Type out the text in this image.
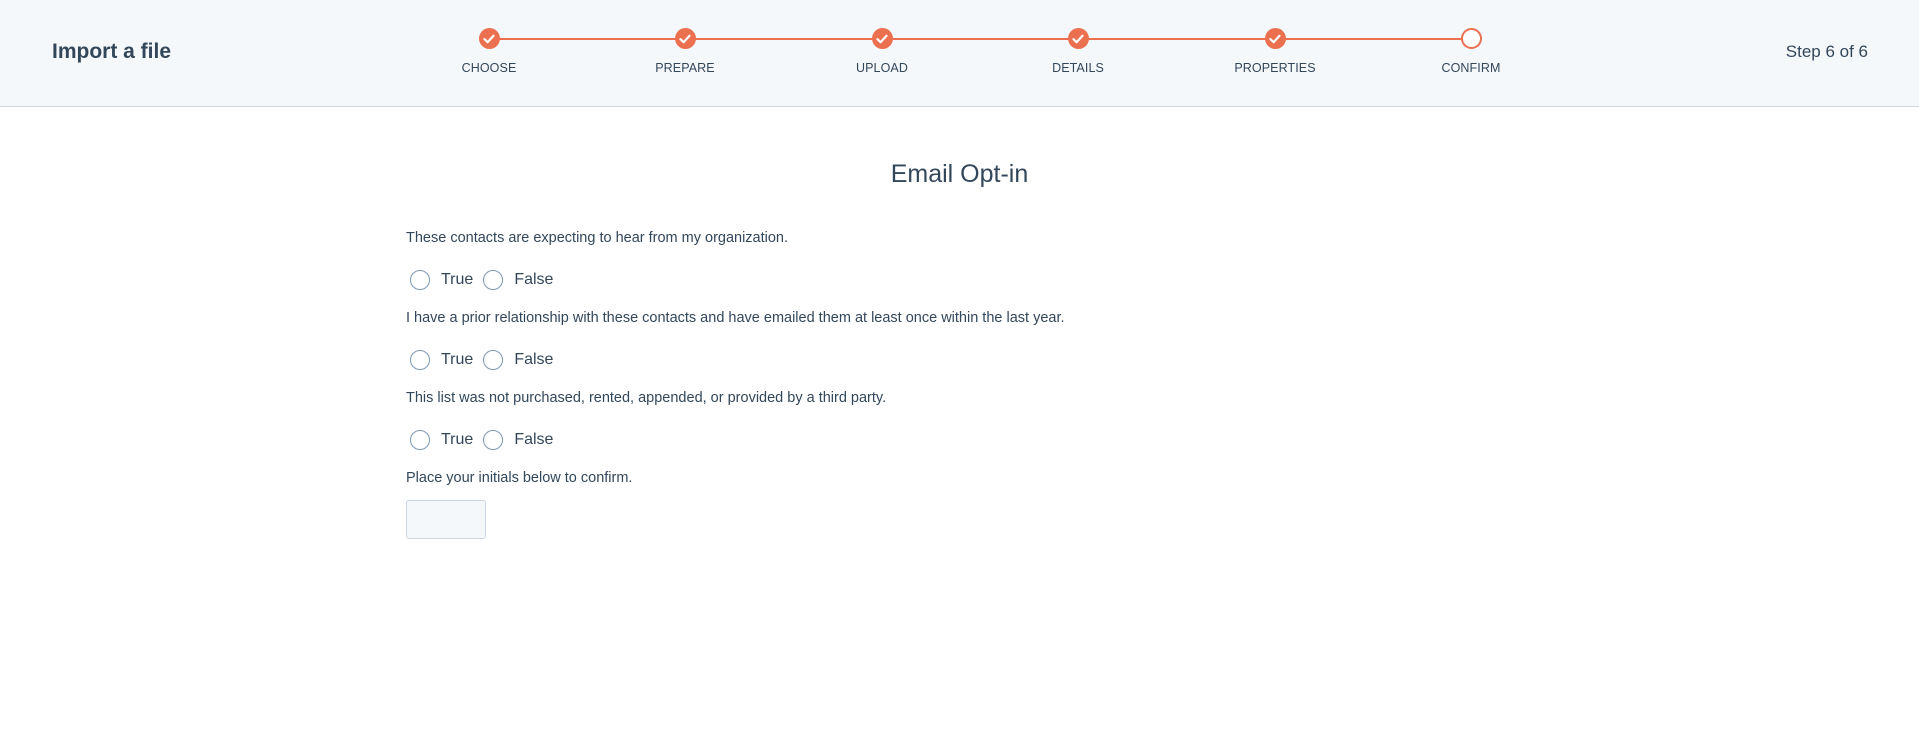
Import a file
CHOOSE	PREPARE	UPLOAD	DETAILS	PROPERTIES	CONFIRM
Step 6 of 6
Email Opt-in
These contacts are expecting to hear from my organization.
True	False
I have a prior relationship with these contacts and have emailed them at least once within the last year.
True	False
This list was not purchased, rented, appended, or provided by a third party.
True	False
Place your initials below to confirm.
